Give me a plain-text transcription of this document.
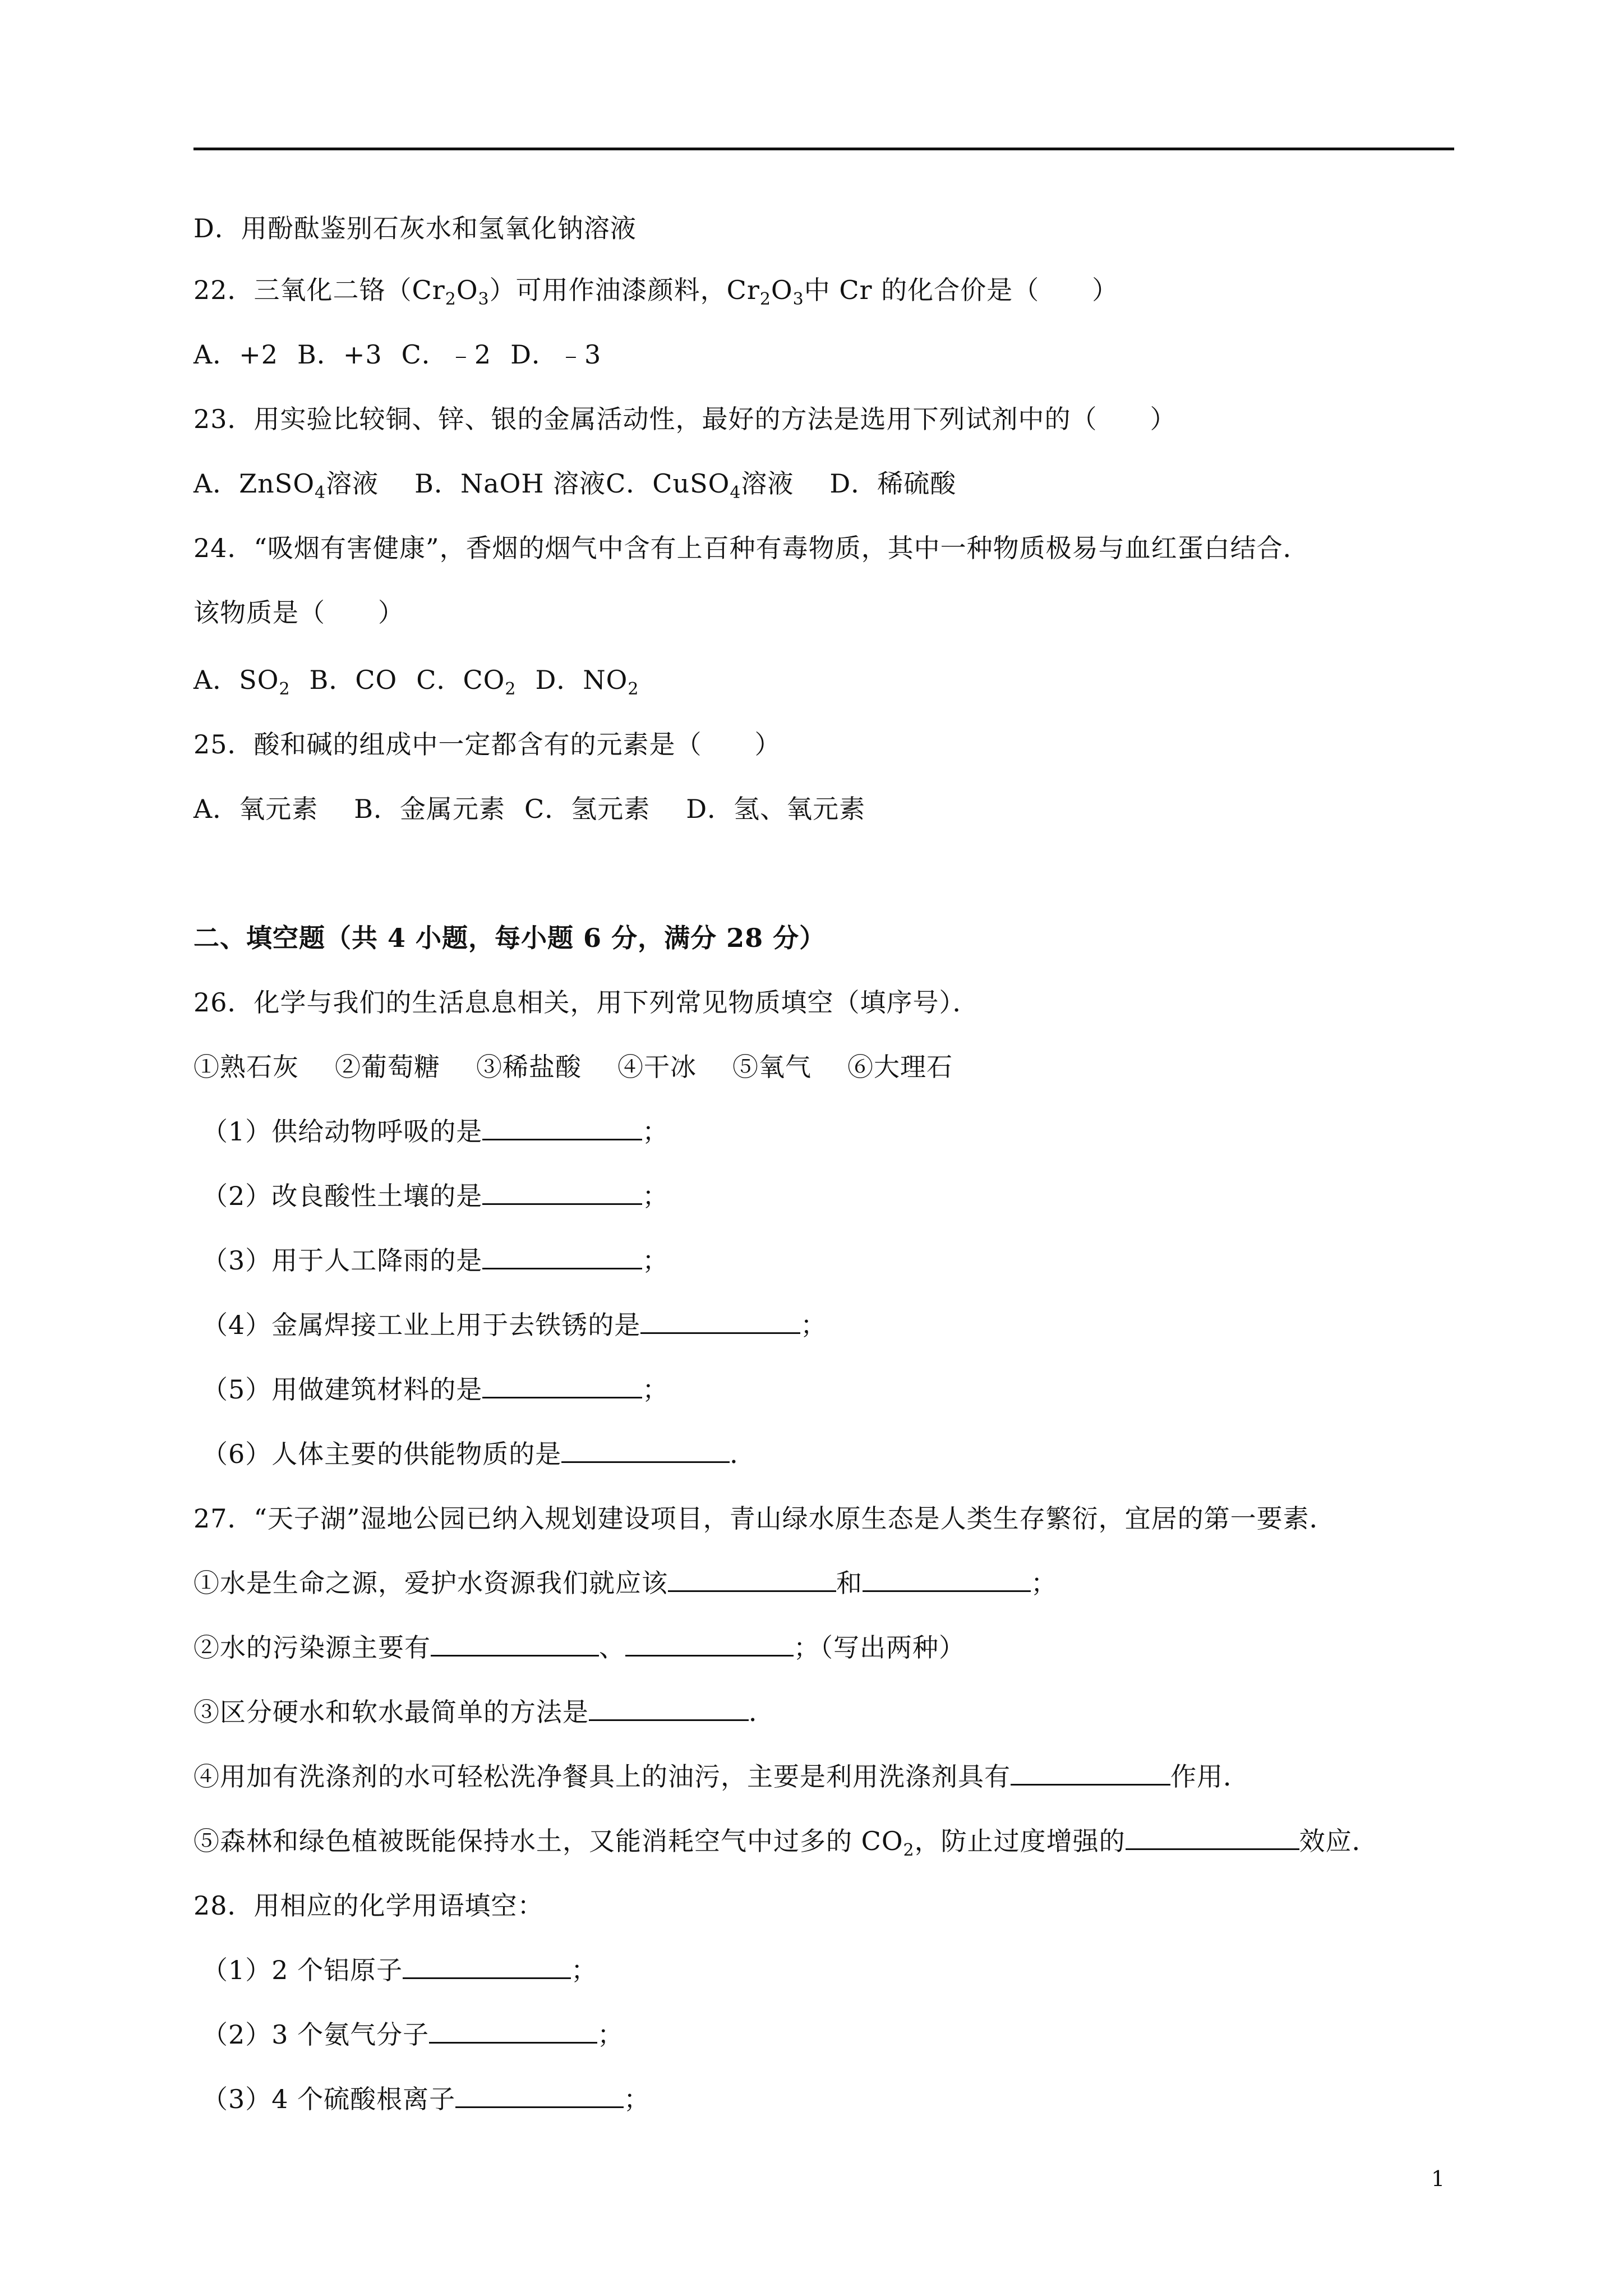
D．用酚酞鉴别石灰水和氢氧化钠溶液
22．三氧化二铬$(Cr_2O_3)$可用作油漆颜料，$Cr_2O_3$中 Cr 的化合价是（　　）
A．+2 B．+3 C．﹣2 D．﹣3
23．用实验比较铜、锌、银的金属活动性，最好的方法是选用下列试剂中的（　　）
A．ZnSO$_4$溶液 B．NaOH 溶液C．CuSO$_4$溶液 D．稀硫酸
24．“吸烟有害健康”，香烟的烟气中含有上百种有毒物质，其中一种物质极易与血红蛋白结合．
该物质是（　　）
A．$SO_2$ B．CO C．$CO_2$ D．$NO_2$
25．酸和碱的组成中一定都含有的元素是（　　）
A．氧元素 B．金属元素 C．氢元素 D．氢、氧元素
二、填空题（共 4 小题，每小题 6 分，满分 28 分）
26．化学与我们的生活息息相关，用下列常见物质填空（填序号）．
①熟石灰 ②葡萄糖 ③稀盐酸 ④干冰 ⑤氧气 ⑥大理石
（1）供给动物呼吸的是	；
（2）改良酸性土壤的是	；
（3）用于人工降雨的是	；
（4）金属焊接工业上用于去铁锈的是	；
（5）用做建筑材料的是	；
（6）人体主要的供能物质的是	．
27．“天子湖”湿地公园已纳入规划建设项目，青山绿水原生态是人类生存繁衍，宜居的第一要素．
①水是生命之源，爱护水资源我们就应该	和	；
②水的污染源主要有	、	；（写出两种）
③区分硬水和软水最简单的方法是	．
④用加有洗涤剂的水可轻松洗净餐具上的油污，主要是利用洗涤剂具有	作用．
⑤森林和绿色植被既能保持水土，又能消耗空气中过多的 $CO_2$，防止过度增强的	效应．
28．用相应的化学用语填空：
（1）2 个铝原子	；
（2）3 个氨气分子	；
（3）4 个硫酸根离子	；
1
